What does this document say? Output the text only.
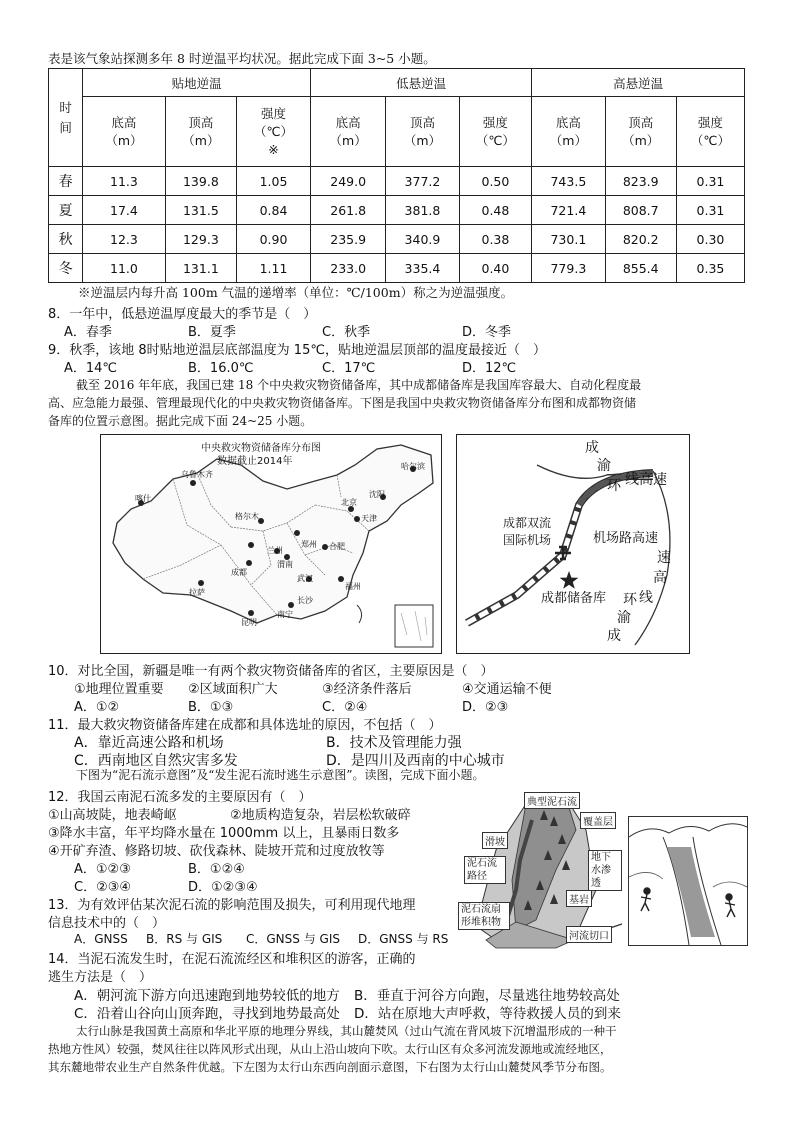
表是该气象站探测多年 8 时逆温平均状况。据此完成下面 3~5 小题。
时间	贴地逆温			低悬逆温			高悬逆温		
	底高（m）	顶高（m）	强度（℃）※	底高（m）	顶高（m）	强度（℃）	底高（m）	顶高（m）	强度（℃）
春	11.3	139.8	1.05	249.0	377.2	0.50	743.5	823.9	0.31
夏	17.4	131.5	0.84	261.8	381.8	0.48	721.4	808.7	0.31
秋	12.3	129.3	0.90	235.9	340.9	0.38	730.1	820.2	0.30
冬	11.0	131.1	1.11	233.0	335.4	0.40	779.3	855.4	0.35
※逆温层内每升高 100m 气温的递增率（单位：℃/100m）称之为逆温强度。
8．一年中，低悬逆温厚度最大的季节是（　）
A．春季	B．夏季	C．秋季	D．冬季
9．秋季，该地 8时贴地逆温层底部温度为 15℃，贴地逆温层顶部的温度最接近（　）
A．14℃	B．16.0℃	C．17℃	D．12℃
截至 2016 年年底，我国已建 18 个中央救灾物资储备库，其中成都储备库是我国库容最大、自动化程度最
高、应急能力最强、管理最现代化的中央救灾物资储备库。下图是我国中央救灾物资储备库分布图和成都物资储
备库的位置示意图。据此完成下面 24~25 小题。
中央救灾物资储备库分布图
数据截止2014年	哈尔滨
沈阳
天津
北京
喀什
乌鲁木齐
格尔木
兰州
郑州 合肥
渭南
武汉
成都
拉萨
长沙
福州
南宁
昆明
成
渝
环 线高速
成都双流国际机场	机场路高速
成都储备库
速
高
线
环
渝
成
10．对比全国，新疆是唯一有两个救灾物资储备库的省区，主要原因是（　）
①地理位置重要 ②区域面积广大	③经济条件落后	④交通运输不便
A．①②	B．①③	C．②④	D．②③
11．最大救灾物资储备库建在成都和具体选址的原因，不包括（　）
A．靠近高速公路和机场	B．技术及管理能力强
C．西南地区自然灾害多发	D．是四川及西南的中心城市
下图为“泥石流示意图”及“发生泥石流时逃生示意图”。读图，完成下面小题。
12．我国云南泥石流多发的主要原因有（　）
①山高坡陡，地表崎岖	②地质构造复杂，岩层松软破碎
③降水丰富，年平均降水量在 1000mm 以上，且暴雨日数多
④开矿弃渣、修路切坡、砍伐森林、陡坡开荒和过度放牧等
A．①②③	B．①②④
C．②③④	D．①②③④
13．为有效评估某次泥石流的影响范围及损失，可利用现代地理
信息技术中的（　）
A．GNSS B．RS 与 GIS C．GNSS 与 GIS D．GNSS 与 RS
典型泥石流
覆盖层
滑坡
泥石流路径
地下水渗透
基岩
泥石流扇形堆积物
河流切口
14．当泥石流发生时，在泥石流流经区和堆积区的游客，正确的
逃生方法是（　）
A．朝河流下游方向迅速跑到地势较低的地方 B．垂直于河谷方向跑，尽量逃往地势较高处
C．沿着山谷向山顶奔跑，寻找到地势最高处 D．站在原地大声呼救，等待救援人员的到来
太行山脉是我国黄土高原和华北平原的地理分界线，其山麓焚风（过山气流在背风坡下沉增温形成的一种干
热地方性风）较强，焚风往往以阵风形式出现，从山上沿山坡向下吹。太行山区有众多河流发源地或流经地区，
其东麓地带农业生产自然条件优越。下左图为太行山东西向剖面示意图，下右图为太行山山麓焚风季节分布图。
